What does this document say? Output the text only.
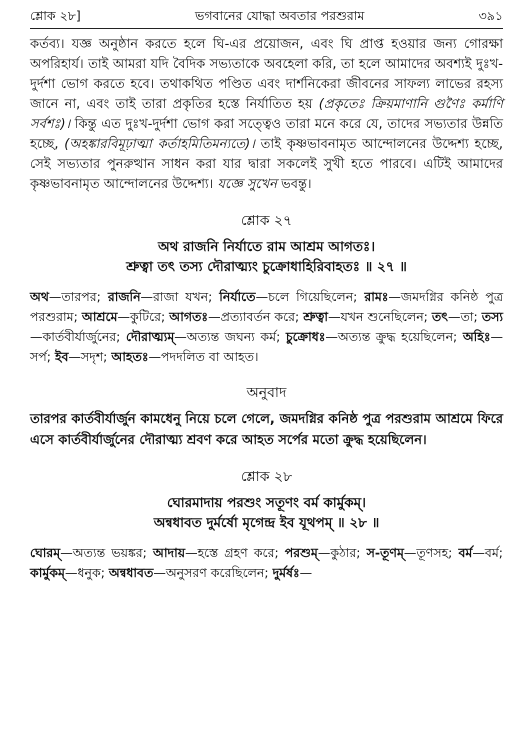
শ্লোক ২৮]	ভগবানের যোদ্ধা অবতার পরশুরাম	৩৯১

কর্তব্য। যজ্ঞ অনুষ্ঠান করতে হলে ঘি-এর প্রয়োজন, এবং ঘি প্রাপ্ত হওয়ার জন্য গোরক্ষা অপরিহার্য। তাই আমরা যদি বৈদিক সভ্যতাকে অবহেলা করি, তা হলে আমাদের অবশ্যই দুঃখ-দুর্দশা ভোগ করতে হবে। তথাকথিত পণ্ডিত এবং দার্শনিকেরা জীবনের সাফল্য লাভের রহস্য জানে না, এবং তাই তারা প্রকৃতির হস্তে নির্যাতিত হয় (প্রকৃতেঃ ক্রিয়মাণানি গুণৈঃ কর্মাণি সর্বশঃ)। কিন্তু এত দুঃখ-দুর্দশা ভোগ করা সত্ত্বেও তারা মনে করে যে, তাদের সভ্যতার উন্নতি হচ্ছে, (অহঙ্কারবিমূঢ়াত্মা কর্তাহমিতিমন্যতে)। তাই কৃষ্ণভাবনামৃত আন্দোলনের উদ্দেশ্য হচ্ছে, সেই সভ্যতার পুনরুত্থান সাধন করা যার দ্বারা সকলেই সুখী হতে পারবে। এটিই আমাদের কৃষ্ণভাবনামৃত আন্দোলনের উদ্দেশ্য। যজ্ঞে সুখেন ভবন্তু।

শ্লোক ২৭

অথ রাজনি নির্যাতে রাম আশ্রম আগতঃ।

শ্রুত্বা তৎ তস্য দৌরাত্ম্যং চুক্রোধাহিরিবাহতঃ ॥ ২৭ ॥

অথ—তারপর; রাজনি—রাজা যখন; নির্যাতে—চলে গিয়েছিলেন; রামঃ—জমদগ্নির কনিষ্ঠ পুত্র পরশুরাম; আশ্রমে—কুটিরে; আগতঃ—প্রত্যাবর্তন করে; শ্রুত্বা—যখন শুনেছিলেন; তৎ—তা; তস্য—কার্তবীর্যার্জুনের; দৌরাত্ম্যম্—অত্যন্ত জঘন্য কর্ম; চুক্রোধঃ—অত্যন্ত ক্রুদ্ধ হয়েছিলেন; অহিঃ—সর্প; ইব—সদৃশ; আহতঃ—পদদলিত বা আহত।

অনুবাদ

তারপর কার্তবীর্যার্জুন কামধেনু নিয়ে চলে গেলে, জমদগ্নির কনিষ্ঠ পুত্র পরশুরাম আশ্রমে ফিরে এসে কার্তবীর্যার্জুনের দৌরাত্ম্য শ্রবণ করে আহত সর্পের মতো ক্রুদ্ধ হয়েছিলেন।

শ্লোক ২৮

ঘোরমাদায় পরশুং সতূণং বর্ম কার্মুকম্।

অন্বধাবত দুর্মর্ষো মৃগেন্দ্র ইব যূথপম্ ॥ ২৮ ॥

ঘোরম্—অত্যন্ত ভয়ঙ্কর; আদায়—হস্তে গ্রহণ করে; পরশুম্—কুঠার; স-তূণম্—তূণসহ; বর্ম—বর্ম; কার্মুকম্—ধনুক; অন্বধাবত—অনুসরণ করেছিলেন; দুর্মর্ষঃ—
